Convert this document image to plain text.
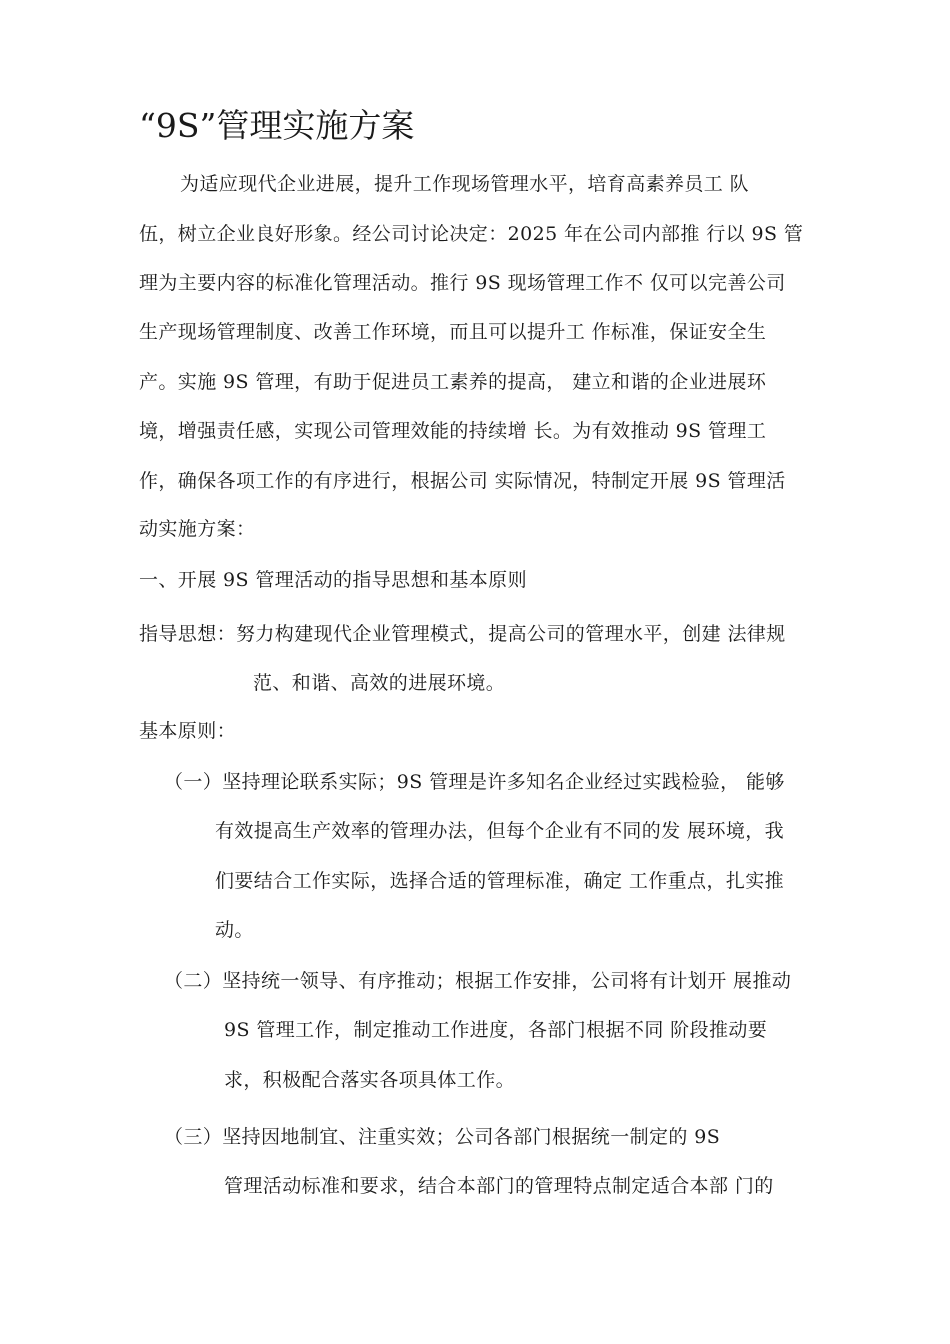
“9S”管理实施方案

为适应现代企业进展，提升工作现场管理水平，培育高素养员工 队

伍，树立企业良好形象。经公司讨论决定：2025 年在公司内部推 行以 9S 管

理为主要内容的标准化管理活动。推行 9S 现场管理工作不 仅可以完善公司

生产现场管理制度、改善工作环境，而且可以提升工 作标准，保证安全生

产。实施 9S 管理，有助于促进员工素养的提高， 建立和谐的企业进展环

境，增强责任感，实现公司管理效能的持续增 长。为有效推动 9S 管理工

作，确保各项工作的有序进行，根据公司 实际情况，特制定开展 9S 管理活

动实施方案：

一、开展 9S 管理活动的指导思想和基本原则

指导思想：努力构建现代企业管理模式，提高公司的管理水平，创建 法律规

范、和谐、高效的进展环境。

基本原则：

（一）坚持理论联系实际；9S 管理是许多知名企业经过实践检验， 能够

有效提高生产效率的管理办法，但每个企业有不同的发 展环境，我

们要结合工作实际，选择合适的管理标准，确定 工作重点，扎实推

动。

（二）坚持统一领导、有序推动；根据工作安排，公司将有计划开 展推动

9S 管理工作，制定推动工作进度，各部门根据不同 阶段推动要

求，积极配合落实各项具体工作。

（三）坚持因地制宜、注重实效；公司各部门根据统一制定的 9S

管理活动标准和要求，结合本部门的管理特点制定适合本部 门的
